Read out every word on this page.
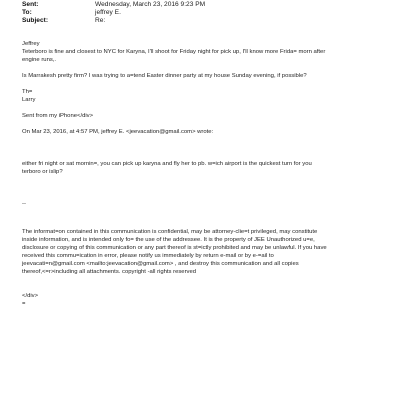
Sent:	Wednesday, March 23, 2016 9:23 PM
To:	jeffrey E.
Subject:	Re:
Jeffrey
Teterboro is fine and closest to NYC for Karyna, I'll shoot for Friday night for pick up, I'll know more Frida= morn after
engine runs,.
Is Marrakesh pretty firm? I was trying to a=tend Easter dinner party at my house Sunday evening, if possible?
Th=
Larry
Sent from my iPhone</div>
On Mar 23, 2016, at 4:57 PM, jeffrey E. <jeevacation@gmail.com> wrote:
either fri night or sat mornin=, you can pick up karyna and fly her to pb. w=ich airport is the quickest turn for you
terboro or islip?
--
The informat=on contained in this communication is confidential, may be attorney-clie=t privileged, may constitute
inside information, and is intended only fo= the use of the addressee. It is the property of JEE Unauthorized u=e,
disclosure or copying of this communication or any part thereof is st=ictly prohibited and may be unlawful. If you have
received this commu=ication in error, please notify us immediately by return e-mail or by e-=ail to
jeevacati=n@gmail.com <mailto:jeevacation@gmail.com> , and destroy this communication and all copies
thereof,<=r>including all attachments. copyright -all rights reserved
</div>
=
